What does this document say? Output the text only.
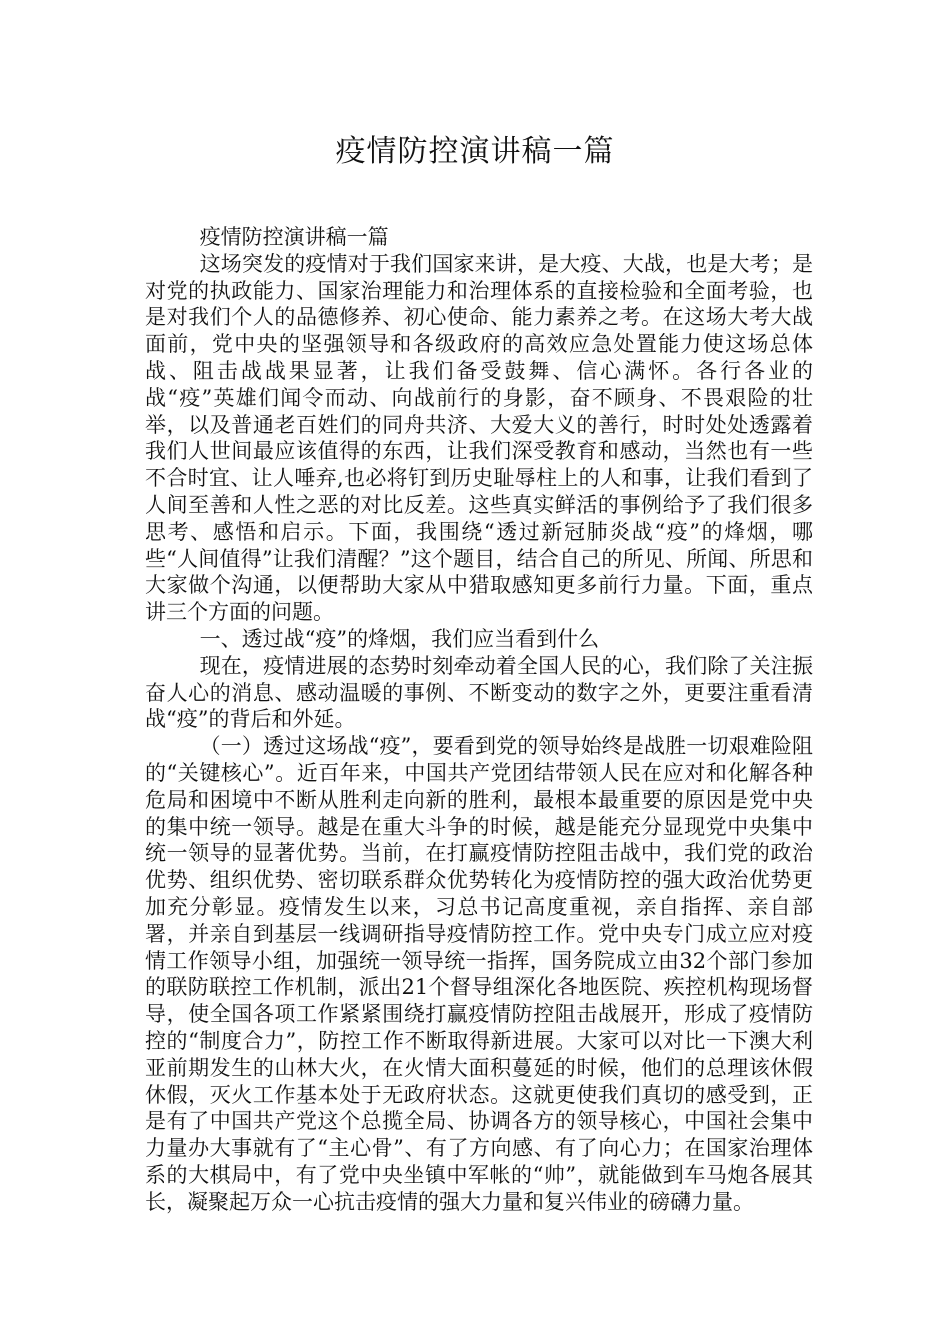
疫情防控演讲稿一篇

疫情防控演讲稿一篇

这场突发的疫情对于我们国家来讲，是大疫、大战，也是大考；是对党的执政能力、国家治理能力和治理体系的直接检验和全面考验，也是对我们个人的品德修养、初心使命、能力素养之考。在这场大考大战面前，党中央的坚强领导和各级政府的高效应急处置能力使这场总体战、阻击战战果显著，让我们备受鼓舞、信心满怀。各行各业的战“疫”英雄们闻令而动、向战前行的身影，奋不顾身、不畏艰险的壮举，以及普通老百姓们的同舟共济、大爱大义的善行，时时处处透露着我们人世间最应该值得的东西，让我们深受教育和感动，当然也有一些不合时宜、让人唾弃,也必将钉到历史耻辱柱上的人和事，让我们看到了人间至善和人性之恶的对比反差。这些真实鲜活的事例给予了我们很多思考、感悟和启示。下面，我围绕“透过新冠肺炎战“疫”的烽烟，哪些“人间值得”让我们清醒？”这个题目，结合自己的所见、所闻、所思和大家做个沟通，以便帮助大家从中猎取感知更多前行力量。下面，重点讲三个方面的问题。

一、透过战“疫”的烽烟，我们应当看到什么

现在，疫情进展的态势时刻牵动着全国人民的心，我们除了关注振奋人心的消息、感动温暖的事例、不断变动的数字之外，更要注重看清战“疫”的背后和外延。

（一）透过这场战“疫”，要看到党的领导始终是战胜一切艰难险阻的“关键核心”。近百年来，中国共产党团结带领人民在应对和化解各种危局和困境中不断从胜利走向新的胜利，最根本最重要的原因是党中央的集中统一领导。越是在重大斗争的时候，越是能充分显现党中央集中统一领导的显著优势。当前，在打赢疫情防控阻击战中，我们党的政治优势、组织优势、密切联系群众优势转化为疫情防控的强大政治优势更加充分彰显。疫情发生以来，习总书记高度重视，亲自指挥、亲自部署，并亲自到基层一线调研指导疫情防控工作。党中央专门成立应对疫情工作领导小组，加强统一领导统一指挥，国务院成立由32个部门参加的联防联控工作机制，派出21个督导组深化各地医院、疾控机构现场督导，使全国各项工作紧紧围绕打赢疫情防控阻击战展开，形成了疫情防控的“制度合力”，防控工作不断取得新进展。大家可以对比一下澳大利亚前期发生的山林大火，在火情大面积蔓延的时候，他们的总理该休假休假，灭火工作基本处于无政府状态。这就更使我们真切的感受到，正是有了中国共产党这个总揽全局、协调各方的领导核心，中国社会集中力量办大事就有了“主心骨”、有了方向感、有了向心力；在国家治理体系的大棋局中，有了党中央坐镇中军帐的“帅”，就能做到车马炮各展其长，凝聚起万众一心抗击疫情的强大力量和复兴伟业的磅礴力量。
